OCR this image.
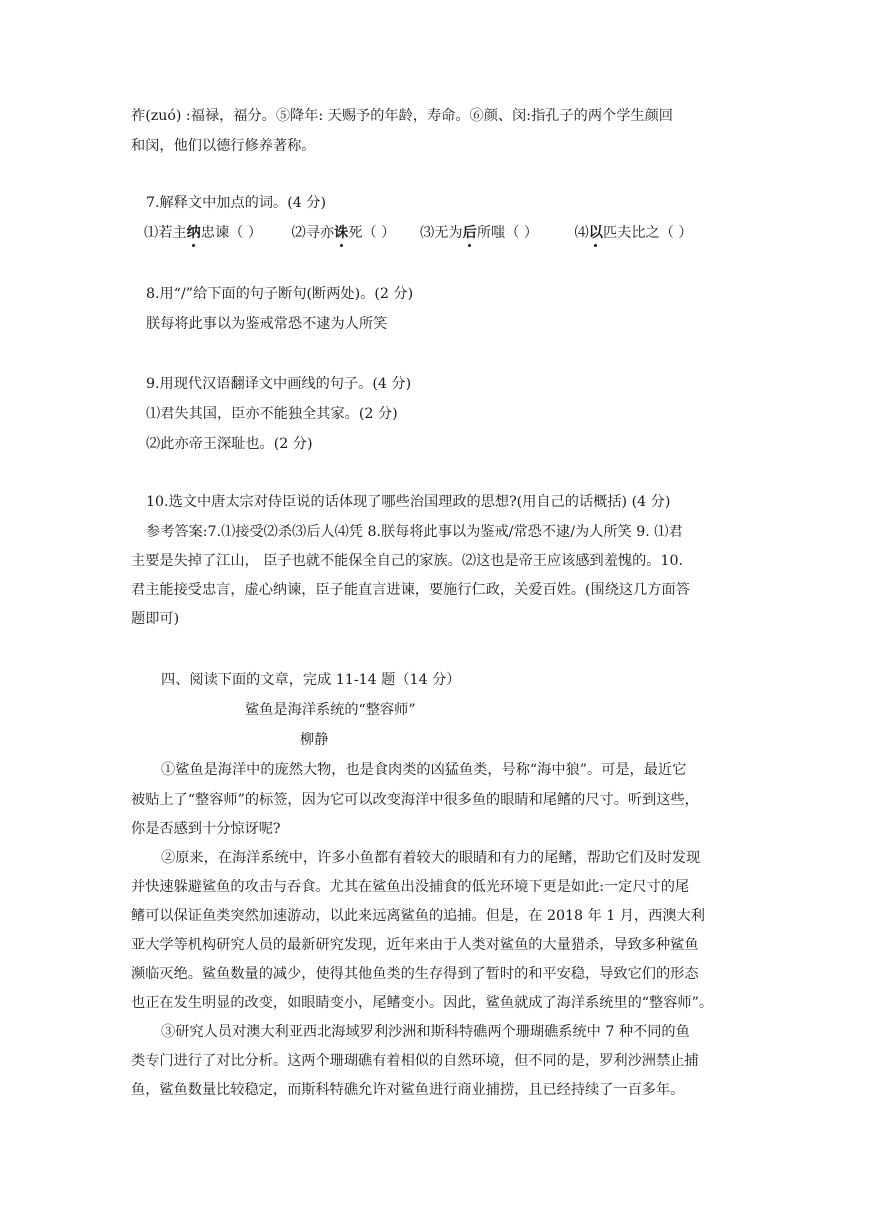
祚(zuó) :福禄，福分。⑤降年: 天赐予的年龄，寿命。⑥颜、闵:指孔子的两个学生颜回
和闵，他们以德行修养著称。
7.解释文中加点的词。(4 分)
⑴若主纳忠谏（ ） ⑵寻亦诛死（ ） ⑶无为后所嗤（ ）	⑷以匹夫比之（ ）
8.用“/”给下面的句子断句(断两处)。(2 分)
朕每将此事以为鉴戒常恐不逮为人所笑
9.用现代汉语翻译文中画线的句子。(4 分)
⑴君失其国，臣亦不能独全其家。(2 分)
⑵此亦帝王深耻也。(2 分)
10.选文中唐太宗对侍臣说的话体现了哪些治国理政的思想?(用自己的话概括) (4 分)
参考答案:7.⑴接受⑵杀⑶后人⑷凭 8.朕每将此事以为鉴戒/常恐不逮/为人所笑 9. ⑴君
主要是失掉了江山， 臣子也就不能保全自己的家族。⑵这也是帝王应该感到羞愧的。10.
君主能接受忠言，虚心纳谏，臣子能直言进谏，要施行仁政，关爱百姓。(围绕这几方面答
题即可)
四、阅读下面的文章，完成 11-14 题（14 分）
鲨鱼是海洋系统的“整容师”
柳静
①鲨鱼是海洋中的庞然大物，也是食肉类的凶猛鱼类，号称“海中狼”。可是，最近它
被贴上了“整容师”的标签，因为它可以改变海洋中很多鱼的眼睛和尾鳍的尺寸。听到这些，
你是否感到十分惊讶呢?
②原来，在海洋系统中，许多小鱼都有着较大的眼睛和有力的尾鳍，帮助它们及时发现
并快速躲避鲨鱼的攻击与吞食。尤其在鲨鱼出没捕食的低光环境下更是如此:一定尺寸的尾
鳍可以保证鱼类突然加速游动，以此来远离鲨鱼的追捕。但是，在 2018 年 1 月，西澳大利
亚大学等机构研究人员的最新研究发现，近年来由于人类对鲨鱼的大量猎杀，导致多种鲨鱼
濒临灭绝。鲨鱼数量的减少，使得其他鱼类的生存得到了暂时的和平安稳，导致它们的形态
也正在发生明显的改变，如眼睛变小，尾鳍变小。因此，鲨鱼就成了海洋系统里的“整容师”。
③研究人员对澳大利亚西北海域罗利沙洲和斯科特礁两个珊瑚礁系统中 7 种不同的鱼
类专门进行了对比分析。这两个珊瑚礁有着相似的自然环境，但不同的是，罗利沙洲禁止捕
鱼，鲨鱼数量比较稳定，而斯科特礁允许对鲨鱼进行商业捕捞，且已经持续了一百多年。
